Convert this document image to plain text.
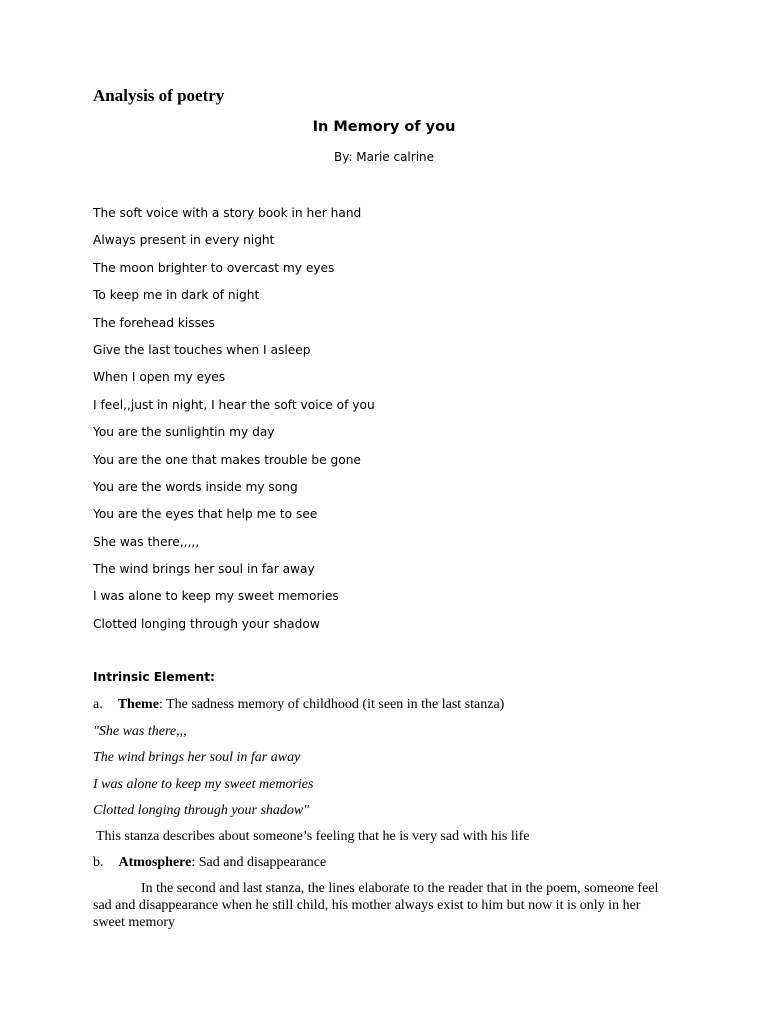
Analysis of poetry
In Memory of you
By: Marie calrine
The soft voice with a story book in her hand
Always present in every night
The moon brighter to overcast my eyes
To keep me in dark of night
The forehead kisses
Give the last touches when I asleep
When I open my eyes
I feel,,just in night, I hear the soft voice of you
You are the sunlightin my day
You are the one that makes trouble be gone
You are the words inside my song
You are the eyes that help me to see
She was there,,,,,
The wind brings her soul in far away
I was alone to keep my sweet memories
Clotted longing through your shadow
Intrinsic Element:
a. Theme: The sadness memory of childhood (it seen in the last stanza)
"She was there,,,
The wind brings her soul in far away
I was alone to keep my sweet memories
Clotted longing through your shadow"
This stanza describes about someone’s feeling that he is very sad with his life
b. Atmosphere: Sad and disappearance
In the second and last stanza, the lines elaborate to the reader that in the poem, someone feel sad and disappearance when he still child, his mother always exist to him but now it is only in her sweet memory
